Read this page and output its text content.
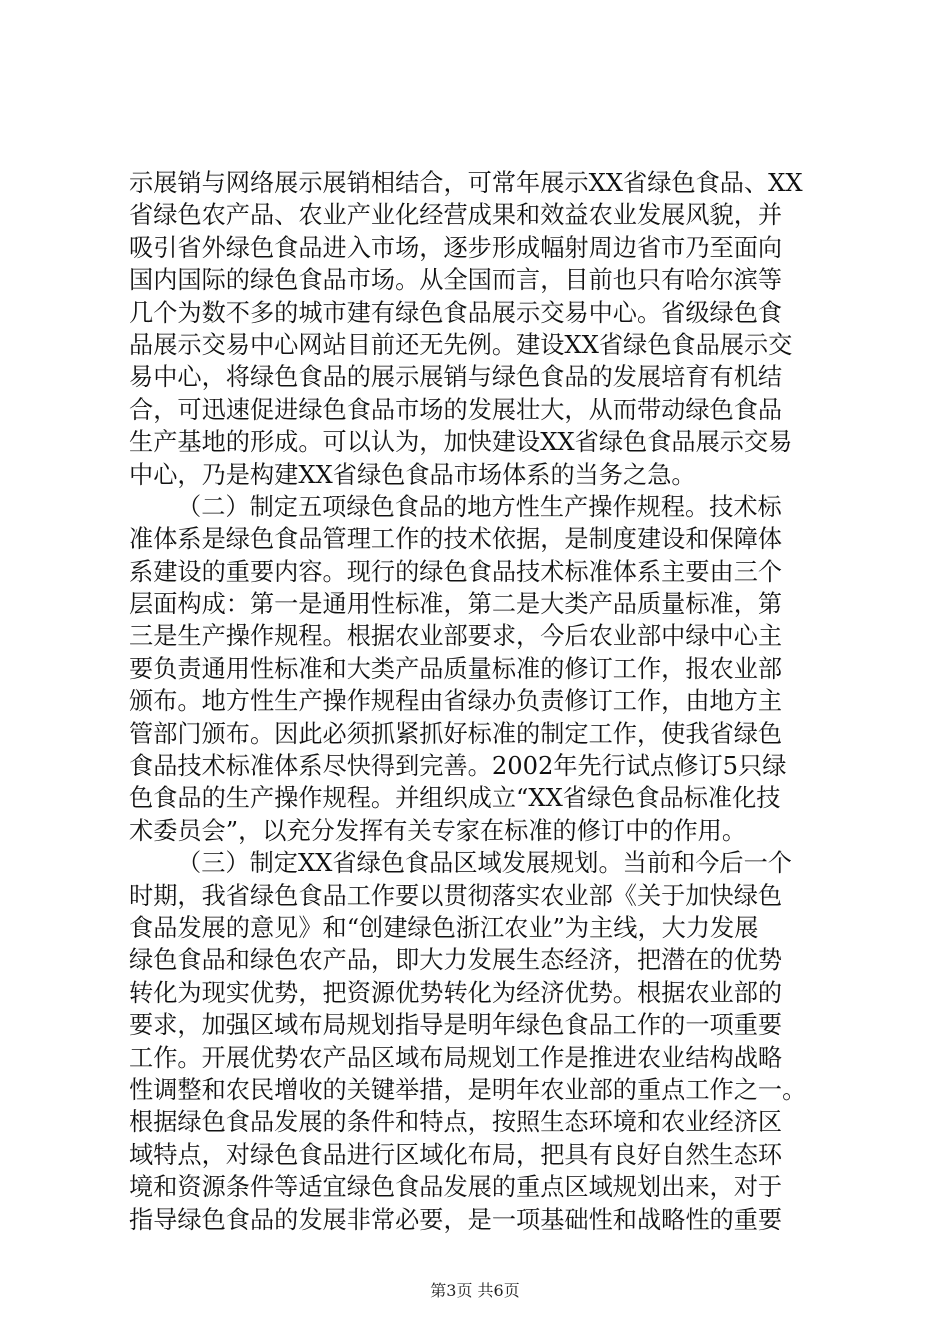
示展销与网络展示展销相结合，可常年展示XX省绿色食品、XX
省绿色农产品、农业产业化经营成果和效益农业发展风貌，并
吸引省外绿色食品进入市场，逐步形成幅射周边省市乃至面向
国内国际的绿色食品市场。从全国而言，目前也只有哈尔滨等
几个为数不多的城市建有绿色食品展示交易中心。省级绿色食
品展示交易中心网站目前还无先例。建设XX省绿色食品展示交
易中心，将绿色食品的展示展销与绿色食品的发展培育有机结
合，可迅速促进绿色食品市场的发展壮大，从而带动绿色食品
生产基地的形成。可以认为，加快建设XX省绿色食品展示交易
中心，乃是构建XX省绿色食品市场体系的当务之急。
（二）制定五项绿色食品的地方性生产操作规程。技术标
准体系是绿色食品管理工作的技术依据，是制度建设和保障体
系建设的重要内容。现行的绿色食品技术标准体系主要由三个
层面构成：第一是通用性标准，第二是大类产品质量标准，第
三是生产操作规程。根据农业部要求，今后农业部中绿中心主
要负责通用性标准和大类产品质量标准的修订工作，报农业部
颁布。地方性生产操作规程由省绿办负责修订工作，由地方主
管部门颁布。因此必须抓紧抓好标准的制定工作，使我省绿色
食品技术标准体系尽快得到完善。2002年先行试点修订5只绿
色食品的生产操作规程。并组织成立“XX省绿色食品标准化技
术委员会”，以充分发挥有关专家在标准的修订中的作用。
（三）制定XX省绿色食品区域发展规划。当前和今后一个
时期，我省绿色食品工作要以贯彻落实农业部《关于加快绿色
食品发展的意见》和“创建绿色浙江农业”为主线，大力发展
绿色食品和绿色农产品，即大力发展生态经济，把潜在的优势
转化为现实优势，把资源优势转化为经济优势。根据农业部的
要求，加强区域布局规划指导是明年绿色食品工作的一项重要
工作。开展优势农产品区域布局规划工作是推进农业结构战略
性调整和农民增收的关键举措，是明年农业部的重点工作之一。
根据绿色食品发展的条件和特点，按照生态环境和农业经济区
域特点，对绿色食品进行区域化布局，把具有良好自然生态环
境和资源条件等适宜绿色食品发展的重点区域规划出来，对于
指导绿色食品的发展非常必要，是一项基础性和战略性的重要
第3页 共6页
